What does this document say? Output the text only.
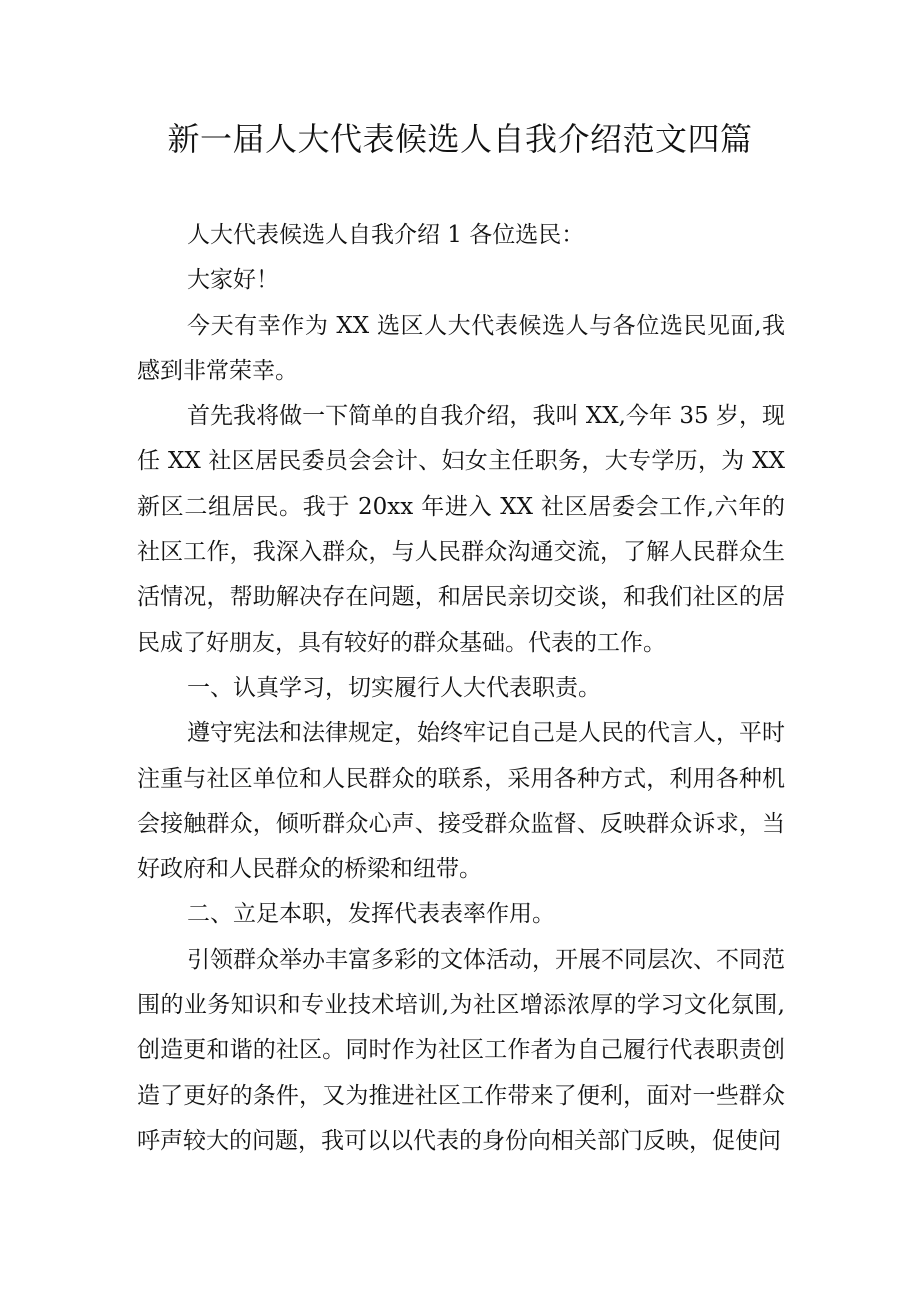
新一届人大代表候选人自我介绍范文四篇

人大代表候选人自我介绍 1 各位选民：

大家好！

今天有幸作为 XX 选区人大代表候选人与各位选民见面,我感到非常荣幸。

首先我将做一下简单的自我介绍，我叫 XX,今年 35 岁，现任 XX 社区居民委员会会计、妇女主任职务，大专学历，为 XX 新区二组居民。我于 20xx 年进入 XX 社区居委会工作,六年的社区工作，我深入群众，与人民群众沟通交流，了解人民群众生活情况，帮助解决存在问题，和居民亲切交谈，和我们社区的居民成了好朋友，具有较好的群众基础。代表的工作。

一、认真学习，切实履行人大代表职责。

遵守宪法和法律规定，始终牢记自己是人民的代言人，平时注重与社区单位和人民群众的联系，采用各种方式，利用各种机会接触群众，倾听群众心声、接受群众监督、反映群众诉求，当好政府和人民群众的桥梁和纽带。

二、立足本职，发挥代表表率作用。

引领群众举办丰富多彩的文体活动，开展不同层次、不同范围的业务知识和专业技术培训,为社区增添浓厚的学习文化氛围,创造更和谐的社区。同时作为社区工作者为自己履行代表职责创造了更好的条件，又为推进社区工作带来了便利，面对一些群众呼声较大的问题，我可以以代表的身份向相关部门反映，促使问
